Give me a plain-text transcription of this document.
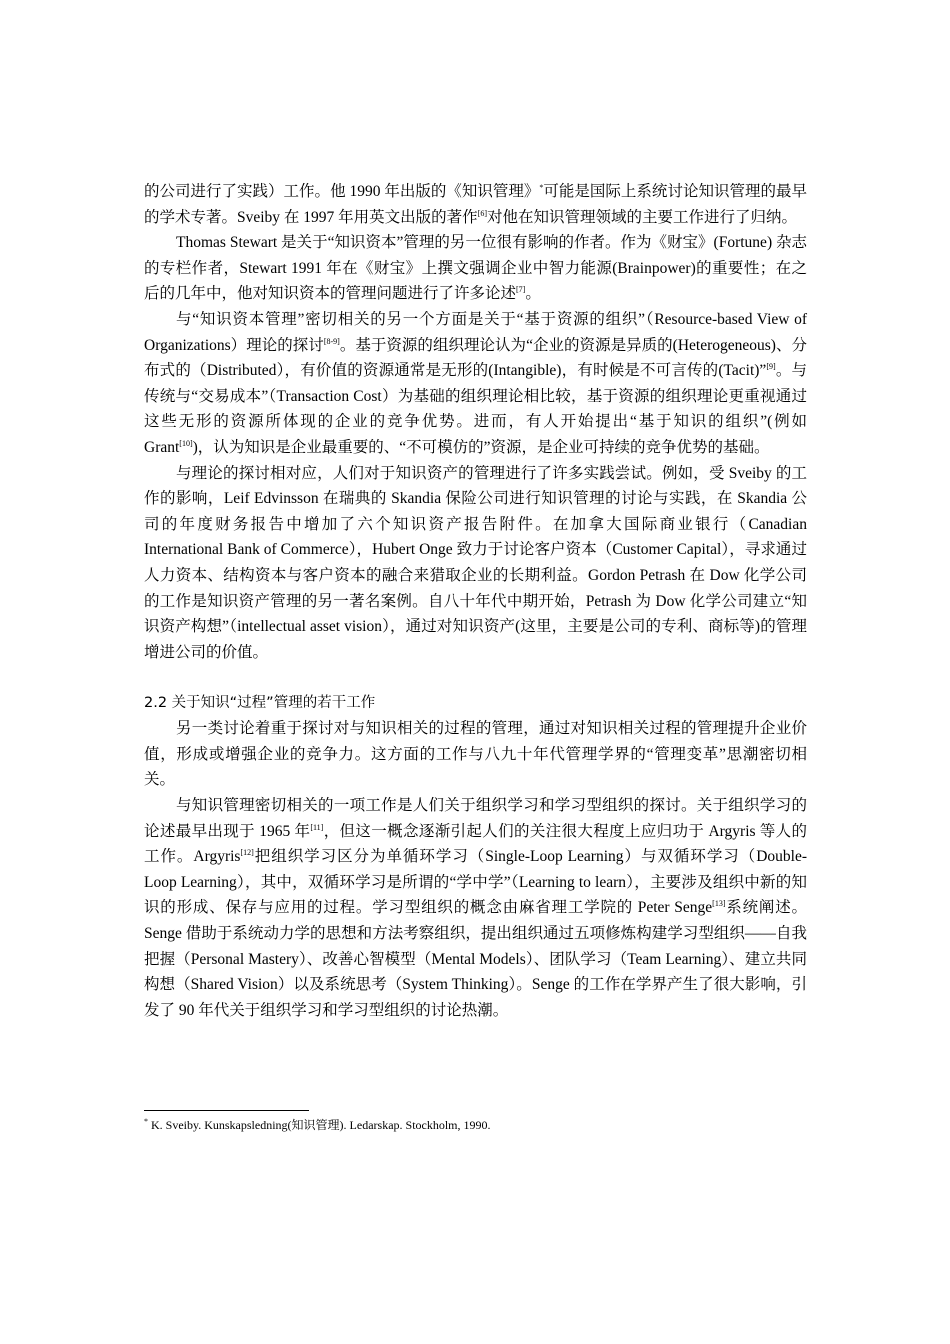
的公司进行了实践）工作。他 1990 年出版的《知识管理》*可能是国际上系统讨论知识管理的最早的学术专著。Sveiby 在 1997 年用英文出版的著作[6]对他在知识管理领域的主要工作进行了归纳。

Thomas Stewart 是关于“知识资本”管理的另一位很有影响的作者。作为《财宝》(Fortune) 杂志的专栏作者，Stewart 1991 年在《财宝》上撰文强调企业中智力能源(Brainpower)的重要性；在之后的几年中，他对知识资本的管理问题进行了许多论述[7]。

与“知识资本管理”密切相关的另一个方面是关于“基于资源的组织”（Resource-based View of Organizations）理论的探讨[8-9]。基于资源的组织理论认为“企业的资源是异质的(Heterogeneous)、分布式的（Distributed），有价值的资源通常是无形的(Intangible)，有时候是不可言传的(Tacit)”[9]。与传统与“交易成本”（Transaction Cost）为基础的组织理论相比较，基于资源的组织理论更重视通过这些无形的资源所体现的企业的竞争优势。进而，有人开始提出“基于知识的组织”(例如 Grant[10])，认为知识是企业最重要的、“不可模仿的”资源，是企业可持续的竞争优势的基础。

与理论的探讨相对应，人们对于知识资产的管理进行了许多实践尝试。例如，受 Sveiby 的工作的影响，Leif Edvinsson 在瑞典的 Skandia 保险公司进行知识管理的讨论与实践，在 Skandia 公司的年度财务报告中增加了六个知识资产报告附件。在加拿大国际商业银行（Canadian International Bank of Commerce），Hubert Onge 致力于讨论客户资本（Customer Capital），寻求通过人力资本、结构资本与客户资本的融合来猎取企业的长期利益。Gordon Petrash 在 Dow 化学公司的工作是知识资产管理的另一著名案例。自八十年代中期开始，Petrash 为 Dow 化学公司建立“知识资产构想”（intellectual asset vision），通过对知识资产(这里，主要是公司的专利、商标等)的管理增进公司的价值。

2.2 关于知识“过程”管理的若干工作

另一类讨论着重于探讨对与知识相关的过程的管理，通过对知识相关过程的管理提升企业价值，形成或增强企业的竞争力。这方面的工作与八九十年代管理学界的“管理变革”思潮密切相关。

与知识管理密切相关的一项工作是人们关于组织学习和学习型组织的探讨。关于组织学习的论述最早出现于 1965 年[11]，但这一概念逐渐引起人们的关注很大程度上应归功于 Argyris 等人的工作。Argyris[12]把组织学习区分为单循环学习（Single-Loop Learning）与双循环学习（Double-Loop Learning），其中，双循环学习是所谓的“学中学”（Learning to learn），主要涉及组织中新的知识的形成、保存与应用的过程。学习型组织的概念由麻省理工学院的 Peter Senge[13]系统阐述。Senge 借助于系统动力学的思想和方法考察组织，提出组织通过五项修炼构建学习型组织——自我把握（Personal Mastery）、改善心智模型（Mental Models）、团队学习（Team Learning）、建立共同构想（Shared Vision）以及系统思考（System Thinking）。Senge 的工作在学界产生了很大影响，引发了 90 年代关于组织学习和学习型组织的讨论热潮。

* K. Sveiby. Kunskapsledning(知识管理). Ledarskap. Stockholm, 1990.
